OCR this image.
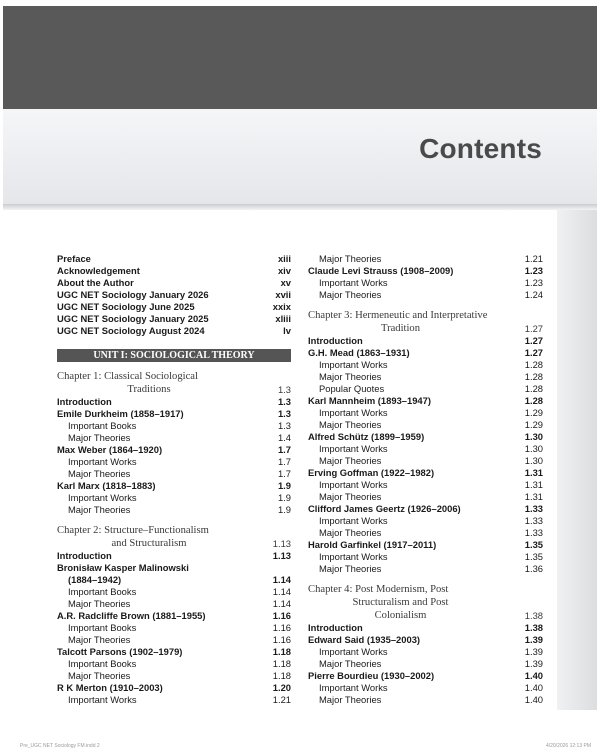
Contents
Preface	xiii
Acknowledgement	xiv
About the Author	xv
UGC NET Sociology January 2026	xvii
UGC NET Sociology June 2025	xxix
UGC NET Sociology January 2025	xliii
UGC NET Sociology August 2024	lv
UNIT I: SOCIOLOGICAL THEORY
Chapter 1: Classical Sociological
Traditions	1.3
Introduction	1.3
Emile Durkheim (1858–1917)	1.3
Important Books	1.3
Major Theories	1.4
Max Weber (1864–1920)	1.7
Important Works	1.7
Major Theories	1.7
Karl Marx (1818–1883)	1.9
Important Works	1.9
Major Theories	1.9
Chapter 2: Structure–Functionalism
and Structuralism	1.13
Introduction	1.13
Bronisław Kasper Malinowski
(1884–1942)	1.14
Important Books	1.14
Major Theories	1.14
A.R. Radcliffe Brown (1881–1955)	1.16
Important Books	1.16
Major Theories	1.16
Talcott Parsons (1902–1979)	1.18
Important Books	1.18
Major Theories	1.18
R K Merton (1910–2003)	1.20
Important Works	1.21
Major Theories	1.21
Claude Levi Strauss (1908–2009)	1.23
Important Works	1.23
Major Theories	1.24
Chapter 3: Hermeneutic and Interpretative
Tradition	1.27
Introduction	1.27
G.H. Mead (1863–1931)	1.27
Important Works	1.28
Major Theories	1.28
Popular Quotes	1.28
Karl Mannheim (1893–1947)	1.28
Important Works	1.29
Major Theories	1.29
Alfred Schütz (1899–1959)	1.30
Important Works	1.30
Major Theories	1.30
Erving Goffman (1922–1982)	1.31
Important Works	1.31
Major Theories	1.31
Clifford James Geertz (1926–2006)	1.33
Important Works	1.33
Major Theories	1.33
Harold Garfinkel (1917–2011)	1.35
Important Works	1.35
Major Theories	1.36
Chapter 4: Post Modernism, Post
Structuralism and Post
Colonialism	1.38
Introduction	1.38
Edward Said (1935–2003)	1.39
Important Works	1.39
Major Theories	1.39
Pierre Bourdieu (1930–2002)	1.40
Important Works	1.40
Major Theories	1.40
Pre_UGC NET Sociology FM.indd 2	4/20/2026 12:13 PM
